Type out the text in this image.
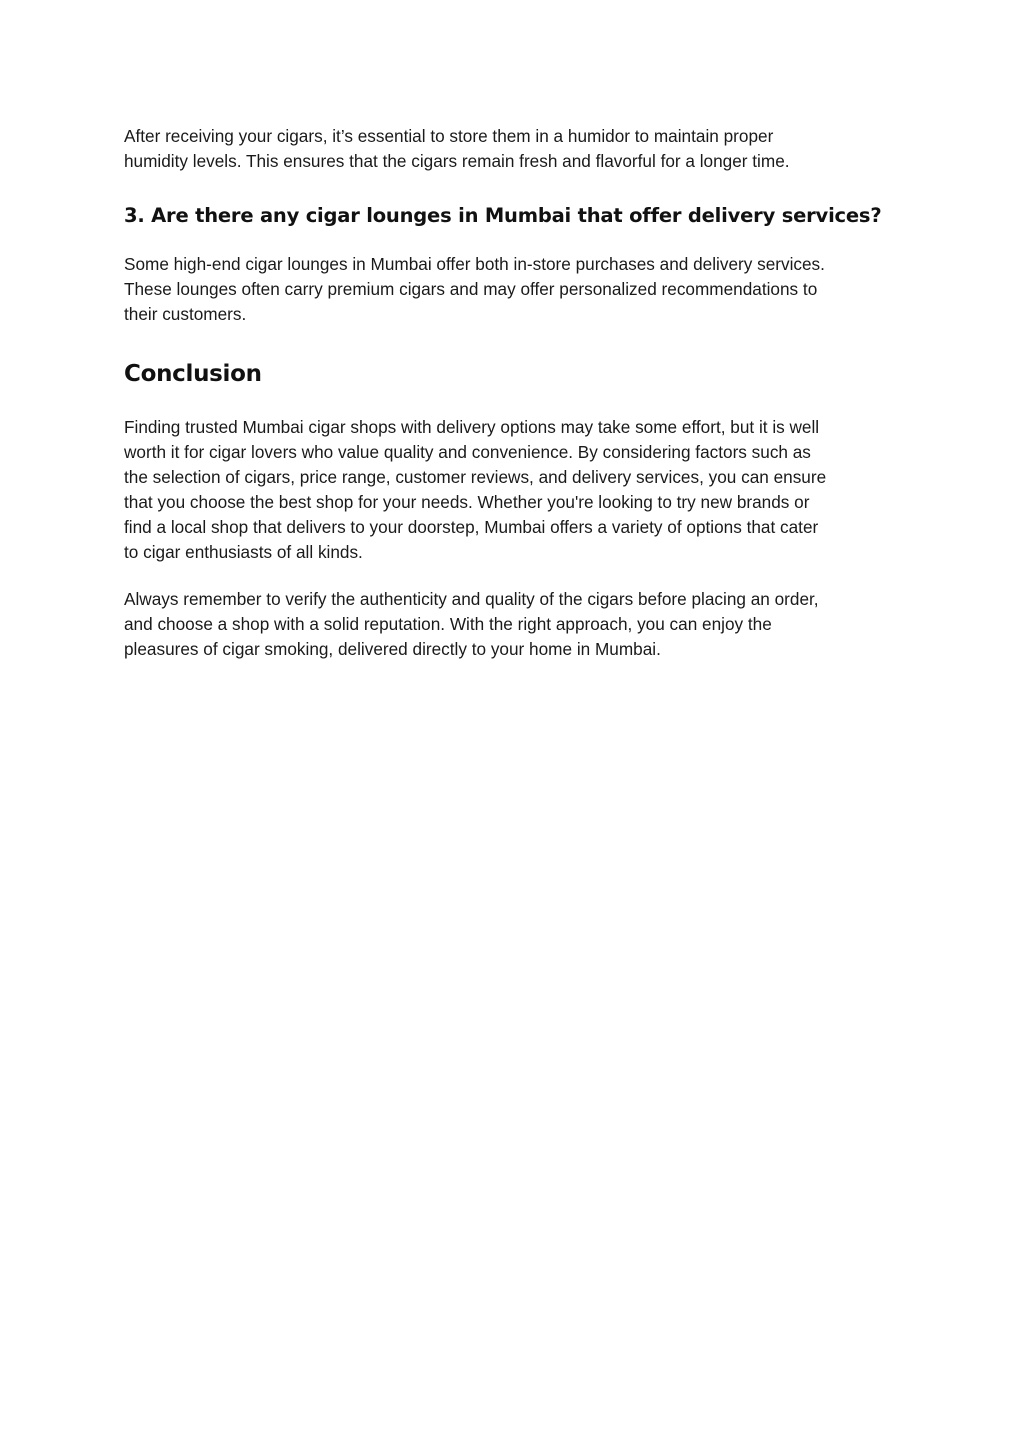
After receiving your cigars, it’s essential to store them in a humidor to maintain proper
humidity levels. This ensures that the cigars remain fresh and flavorful for a longer time.

3. Are there any cigar lounges in Mumbai that offer delivery services?

Some high-end cigar lounges in Mumbai offer both in-store purchases and delivery services.
These lounges often carry premium cigars and may offer personalized recommendations to
their customers.

Conclusion

Finding trusted Mumbai cigar shops with delivery options may take some effort, but it is well
worth it for cigar lovers who value quality and convenience. By considering factors such as
the selection of cigars, price range, customer reviews, and delivery services, you can ensure
that you choose the best shop for your needs. Whether you're looking to try new brands or
find a local shop that delivers to your doorstep, Mumbai offers a variety of options that cater
to cigar enthusiasts of all kinds.

Always remember to verify the authenticity and quality of the cigars before placing an order,
and choose a shop with a solid reputation. With the right approach, you can enjoy the
pleasures of cigar smoking, delivered directly to your home in Mumbai.
